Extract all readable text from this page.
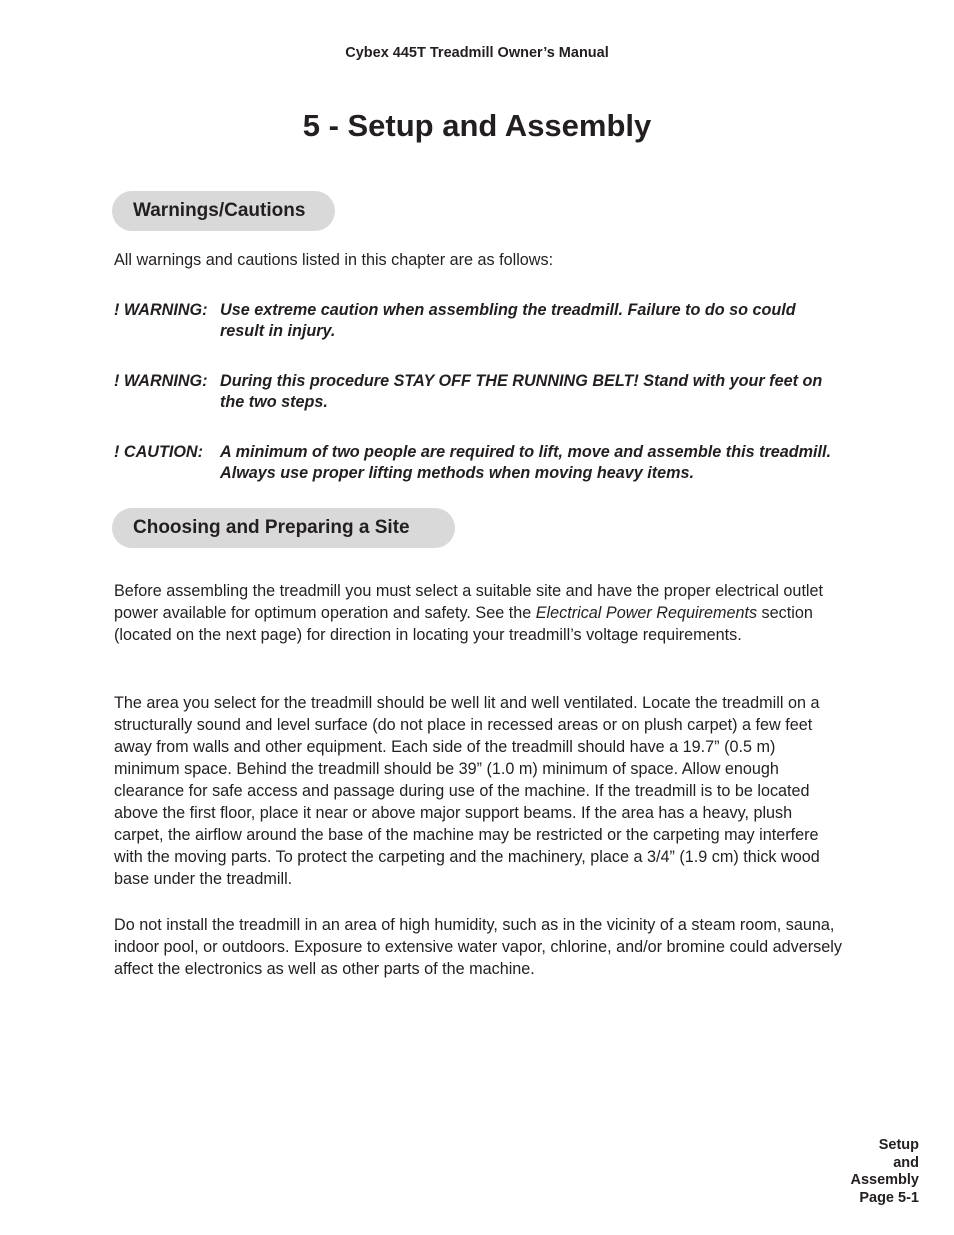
Cybex 445T Treadmill Owner’s Manual
5 - Setup and Assembly
Warnings/Cautions

All warnings and cautions listed in this chapter are as follows:

! WARNING: Use extreme caution when assembling the treadmill. Failure to do so could result in injury.
! WARNING: During this procedure STAY OFF THE RUNNING BELT! Stand with your feet on the two steps.
! CAUTION:	A minimum of two people are required to lift, move and assemble this treadmill. Always use proper lifting methods when moving heavy items.
Choosing and Preparing a Site

Before assembling the treadmill you must select a suitable site and have the proper electrical outlet power available for optimum operation and safety. See the Electrical Power Requirements section (located on the next page) for direction in locating your treadmill’s voltage requirements.

The area you select for the treadmill should be well lit and well ventilated. Locate the treadmill on a structurally sound and level surface (do not place in recessed areas or on plush carpet) a few feet away from walls and other equipment. Each side of the treadmill should have a 19.7” (0.5 m) minimum space. Behind the treadmill should be 39” (1.0 m) minimum of space. Allow enough clearance for safe access and passage during use of the machine. If the treadmill is to be located above the first floor, place it near or above major support beams. If the area has a heavy, plush carpet, the airflow around the base of the machine may be restricted or the carpeting may interfere with the moving parts. To protect the carpeting and the machinery, place a 3/4” (1.9 cm) thick wood base under the treadmill.

Do not install the treadmill in an area of high humidity, such as in the vicinity of a steam room, sauna, indoor pool, or outdoors. Exposure to extensive water vapor, chlorine, and/or bromine could adversely affect the electronics as well as other parts of the machine.

Setup
and
Assembly
Page 5-1
